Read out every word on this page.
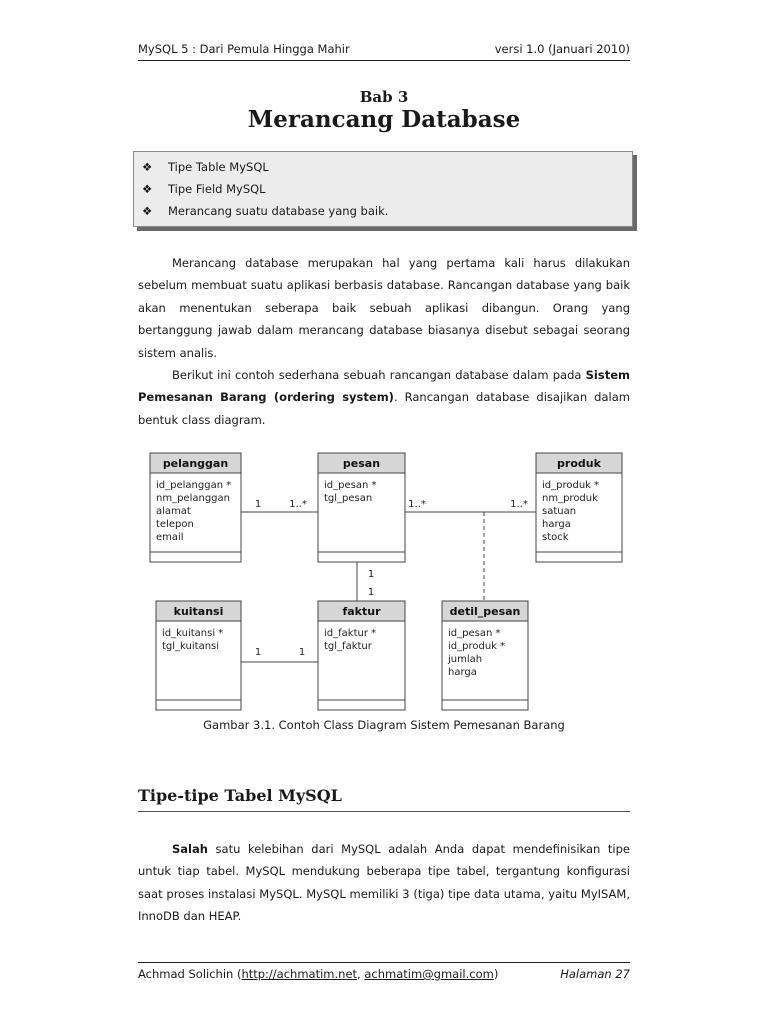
MySQL 5 : Dari Pemula Hingga Mahir	versi 1.0 (Januari 2010)
Bab 3
Merancang Database
❖ Tipe Table MySQL
❖ Tipe Field MySQL
❖ Merancang suatu database yang baik.

Merancang database merupakan hal yang pertama kali harus dilakukan sebelum membuat suatu aplikasi berbasis database. Rancangan database yang baik akan menentukan seberapa baik sebuah aplikasi dibangun. Orang yang bertanggung jawab dalam merancang database biasanya disebut sebagai seorang sistem analis.

Berikut ini contoh sederhana sebuah rancangan database dalam pada Sistem Pemesanan Barang (ordering system). Rancangan database disajikan dalam bentuk class diagram.

pelanggan
id_pelanggan *
nm_pelanggan
alamat
telepon
email
pesan
id_pesan *
tgl_pesan
produk
id_produk *
nm_produk
satuan
harga
stock
kuitansi
id_kuitansi *
tgl_kuitansi
faktur
id_faktur *
tgl_faktur
detil_pesan
id_pesan *
id_produk *
jumlah
harga
1	1..*	1..*	1..*
1
1
1	1
Gambar 3.1. Contoh Class Diagram Sistem Pemesanan Barang
Tipe-tipe Tabel MySQL

Salah satu kelebihan dari MySQL adalah Anda dapat mendefinisikan tipe untuk tiap tabel. MySQL mendukung beberapa tipe tabel, tergantung konfigurasi saat proses instalasi MySQL. MySQL memiliki 3 (tiga) tipe data utama, yaitu MyISAM, InnoDB dan HEAP.

Achmad Solichin (http://achmatim.net, achmatim@gmail.com)	Halaman 27
